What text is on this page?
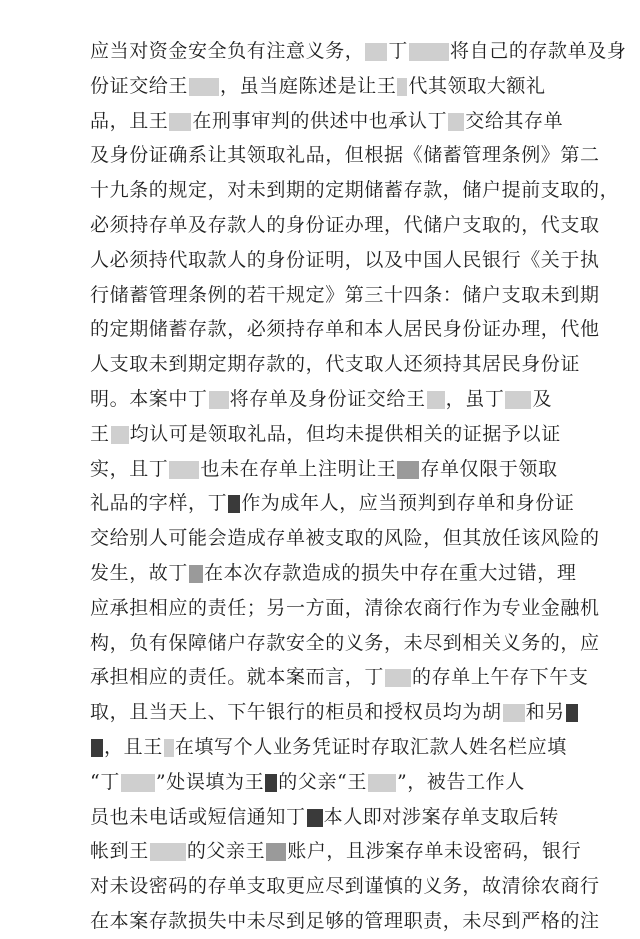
应当对资金安全负有注意义务， 丁 将自己的存款单及身
份证交给王 ，虽当庭陈述是让王 代其领取大额礼
品，且王 在刑事审判的供述中也承认丁 交给其存单
及身份证确系让其领取礼品，但根据《储蓄管理条例》第二
十九条的规定，对未到期的定期储蓄存款，储户提前支取的，
必须持存单及存款人的身份证办理，代储户支取的，代支取
人必须持代取款人的身份证明，以及中国人民银行《关于执
行储蓄管理条例的若干规定》第三十四条：储户支取未到期
的定期储蓄存款，必须持存单和本人居民身份证办理，代他
人支取未到期定期存款的，代支取人还须持其居民身份证
明。本案中丁 将存单及身份证交给王 ，虽丁 及
王 均认可是领取礼品，但均未提供相关的证据予以证
实，且丁 也未在存单上注明让王 存单仅限于领取
礼品的字样，丁 作为成年人，应当预判到存单和身份证
交给别人可能会造成存单被支取的风险，但其放任该风险的
发生，故丁 在本次存款造成的损失中存在重大过错，理
应承担相应的责任；另一方面，清徐农商行作为专业金融机
构，负有保障储户存款安全的义务，未尽到相关义务的，应
承担相应的责任。就本案而言，丁 的存单上午存下午支
取，且当天上、下午银行的柜员和授权员均为胡 和另
，且王 在填写个人业务凭证时存取汇款人姓名栏应填
“丁 ”处误填为王 的父亲“王 ”，被告工作人
员也未电话或短信通知丁 本人即对涉案存单支取后转
帐到王 的父亲王 账户，且涉案存单未设密码，银行
对未设密码的存单支取更应尽到谨慎的义务，故清徐农商行
在本案存款损失中未尽到足够的管理职责，未尽到严格的注
